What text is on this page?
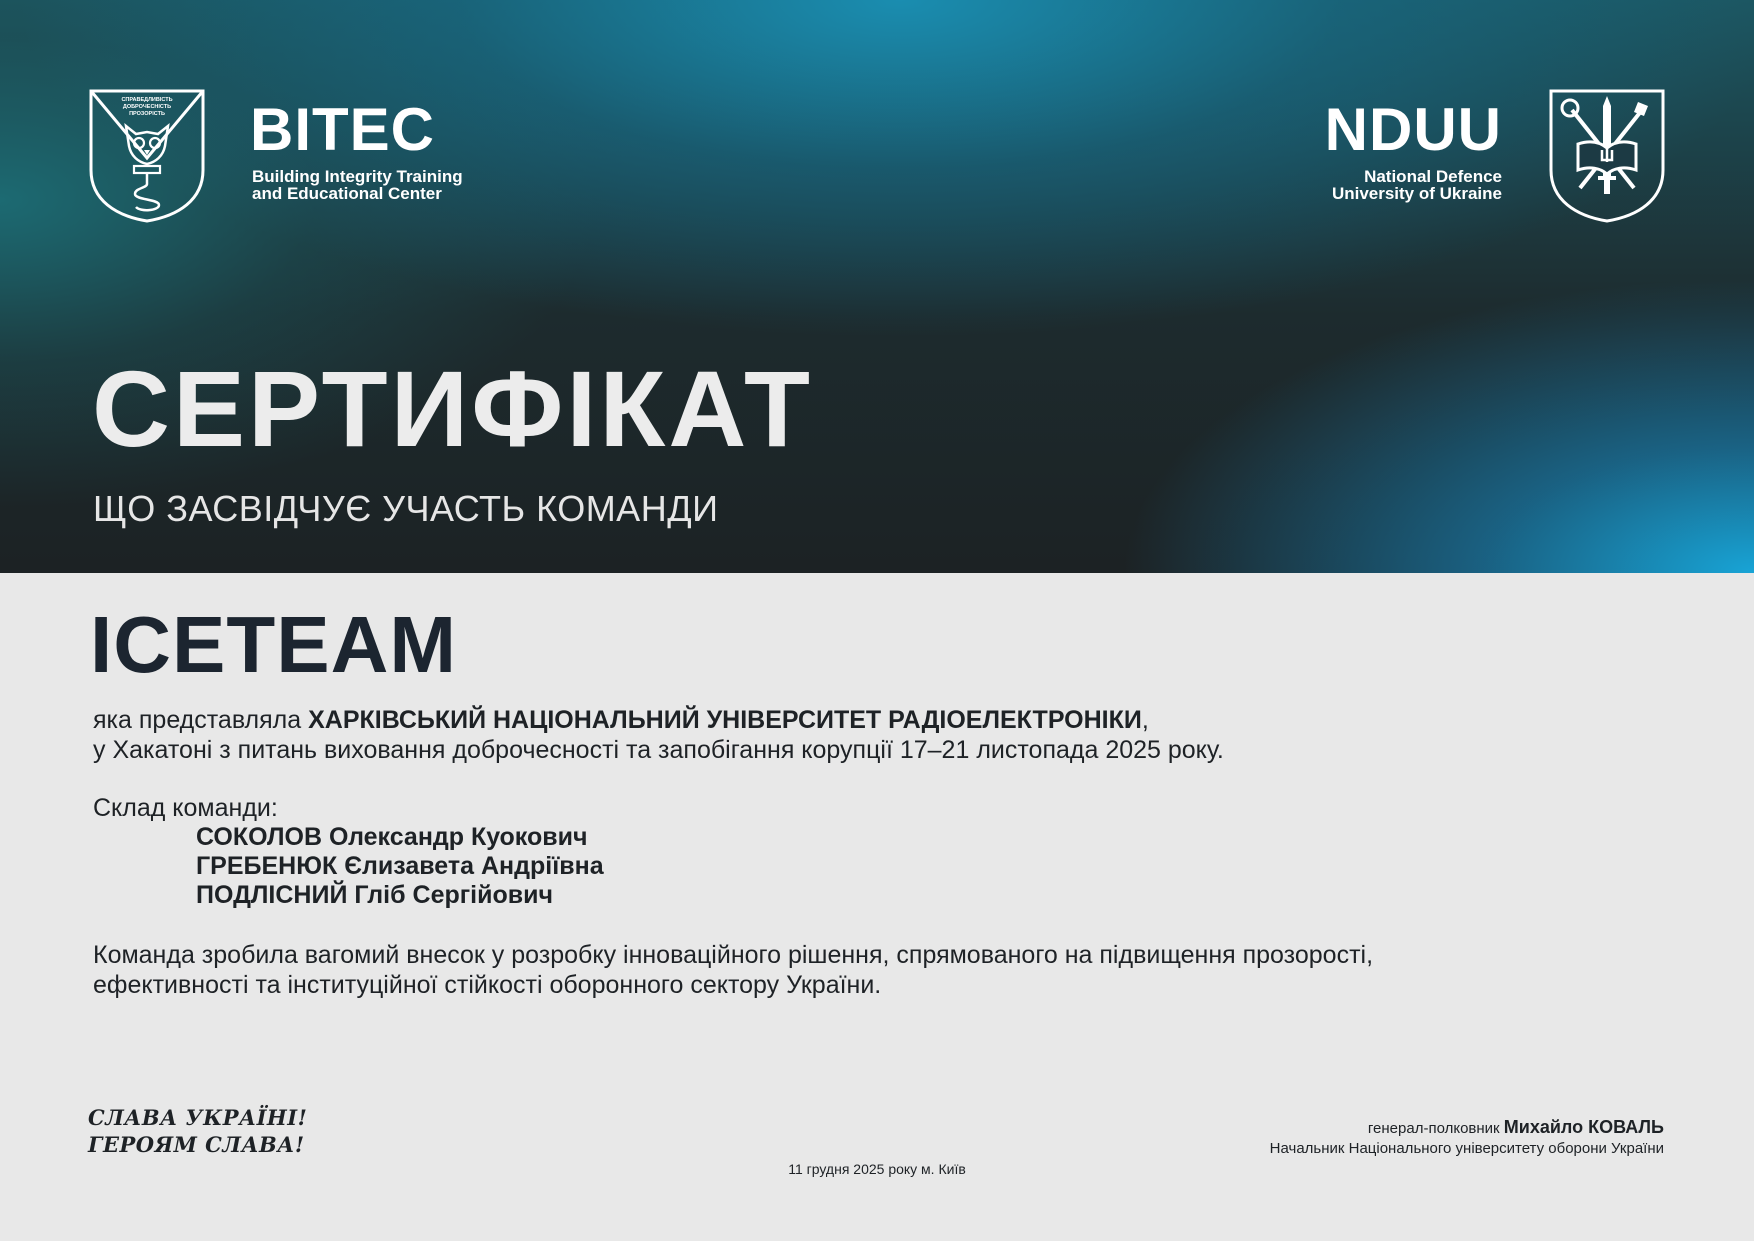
СПРАВЕДЛИВІСТЬ
ДОБРОЧЕСНІСТЬ
ПРОЗОРІСТЬ BITEC
Building Integrity Training
and Educational Center
NDUU
National Defence
University of Ukraine
СЕРТИФІКАТ
ЩО ЗАСВІДЧУЄ УЧАСТЬ КОМАНДИ
ICETEAM
яка представляла ХАРКІВСЬКИЙ НАЦІОНАЛЬНИЙ УНІВЕРСИТЕТ РАДІОЕЛЕКТРОНІКИ,
у Хакатоні з питань виховання доброчесності та запобігання корупції 17–21 листопада 2025 року.
Склад команди:
СОКОЛОВ Олександр Куокович
ГРЕБЕНЮК Єлизавета Андріївна
ПОДЛІСНИЙ Гліб Сергійович
Команда зробила вагомий внесок у розробку інноваційного рішення, спрямованого на підвищення прозорості,
ефективності та інституційної стійкості оборонного сектору України.
СЛАВА УКРАЇНІ!
ГЕРОЯМ СЛАВА!
11 грудня 2025 року м. Київ
генерал-полковник Михайло КОВАЛЬ
Начальник Національного університету оборони України
